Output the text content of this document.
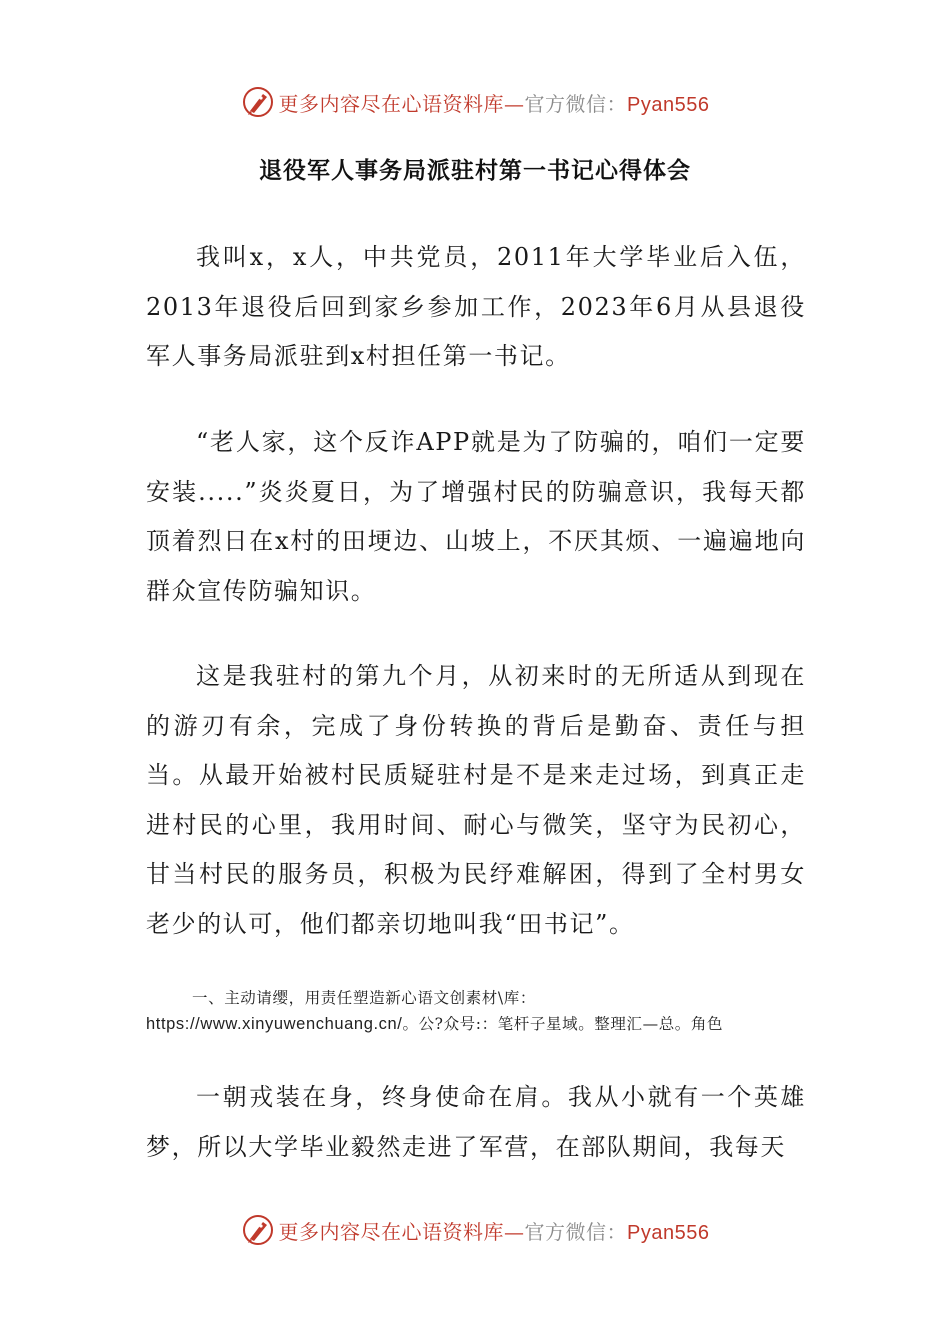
更多内容尽在心语资料库—官方微信：Pyan556
退役军人事务局派驻村第一书记心得体会

我叫x，x人，中共党员，2011年大学毕业后入伍，2013年退役后回到家乡参加工作，2023年6月从县退役军人事务局派驻到x村担任第一书记。

“老人家，这个反诈APP就是为了防骗的，咱们一定要安装.....”炎炎夏日，为了增强村民的防骗意识，我每天都顶着烈日在x村的田埂边、山坡上，不厌其烦、一遍遍地向群众宣传防骗知识。

这是我驻村的第九个月，从初来时的无所适从到现在的游刃有余，完成了身份转换的背后是勤奋、责任与担当。从最开始被村民质疑驻村是不是来走过场，到真正走进村民的心里，我用时间、耐心与微笑，坚守为民初心，甘当村民的服务员，积极为民纾难解困，得到了全村男女老少的认可，他们都亲切地叫我“田书记”。

一、主动请缨，用责任塑造新心语文创素材\库：https://www.xinyuwenchuang.cn/。公?众号:：笔杆子星域。整理汇—总。角色

一朝戎装在身，终身使命在肩。我从小就有一个英雄梦，所以大学毕业毅然走进了军营，在部队期间，我每天

更多内容尽在心语资料库—官方微信：Pyan556
